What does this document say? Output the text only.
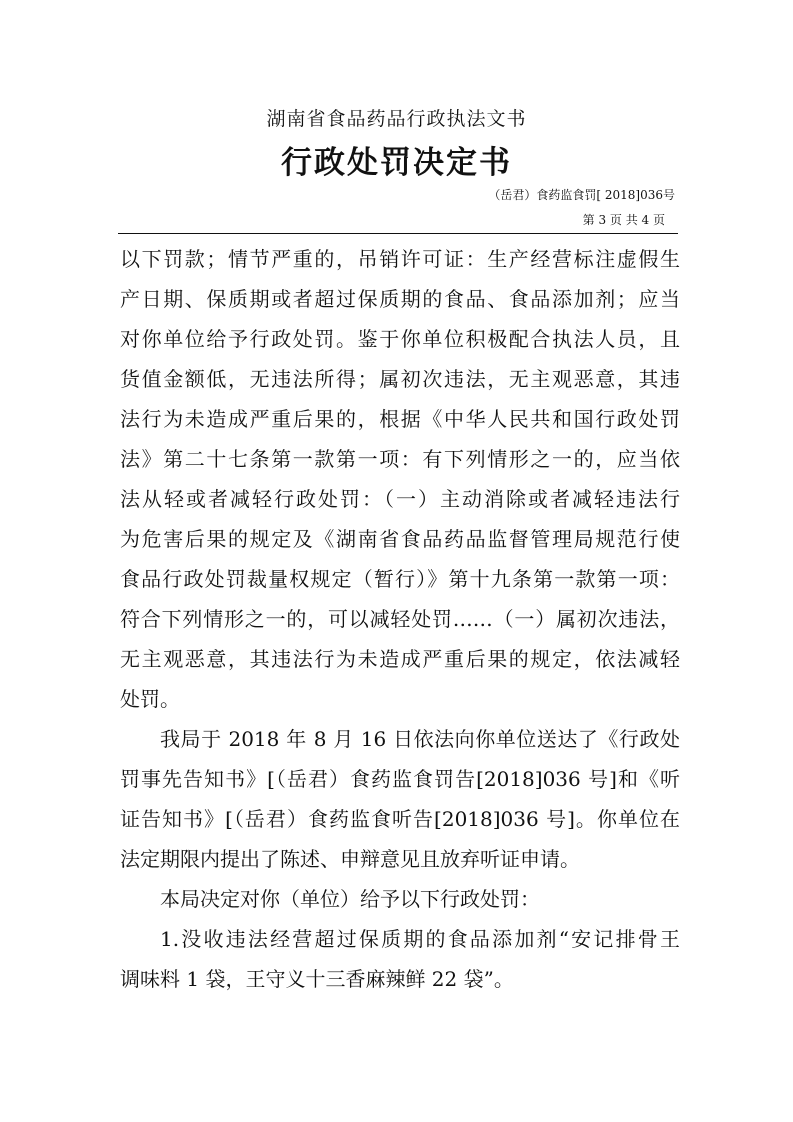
湖南省食品药品行政执法文书
行政处罚决定书
（岳君）食药监食罚[ 2018]036号
第 3 页 共 4 页
以下罚款；情节严重的，吊销许可证：生产经营标注虚假生
产日期、保质期或者超过保质期的食品、食品添加剂；应当
对你单位给予行政处罚。鉴于你单位积极配合执法人员，且
货值金额低，无违法所得；属初次违法，无主观恶意，其违
法行为未造成严重后果的，根据《中华人民共和国行政处罚
法》第二十七条第一款第一项：有下列情形之一的，应当依
法从轻或者减轻行政处罚：（一）主动消除或者减轻违法行
为危害后果的规定及《湖南省食品药品监督管理局规范行使
食品行政处罚裁量权规定（暂行）》第十九条第一款第一项：
符合下列情形之一的，可以减轻处罚……（一）属初次违法，
无主观恶意，其违法行为未造成严重后果的规定，依法减轻
处罚。
我局于 2018 年 8 月 16 日依法向你单位送达了《行政处
罚事先告知书》[（岳君）食药监食罚告[2018]036 号]和《听
证告知书》[（岳君）食药监食听告[2018]036 号]。你单位在
法定期限内提出了陈述、申辩意见且放弃听证申请。
本局决定对你（单位）给予以下行政处罚：
1.没收违法经营超过保质期的食品添加剂“安记排骨王
调味料 1 袋，王守义十三香麻辣鲜 22 袋”。
